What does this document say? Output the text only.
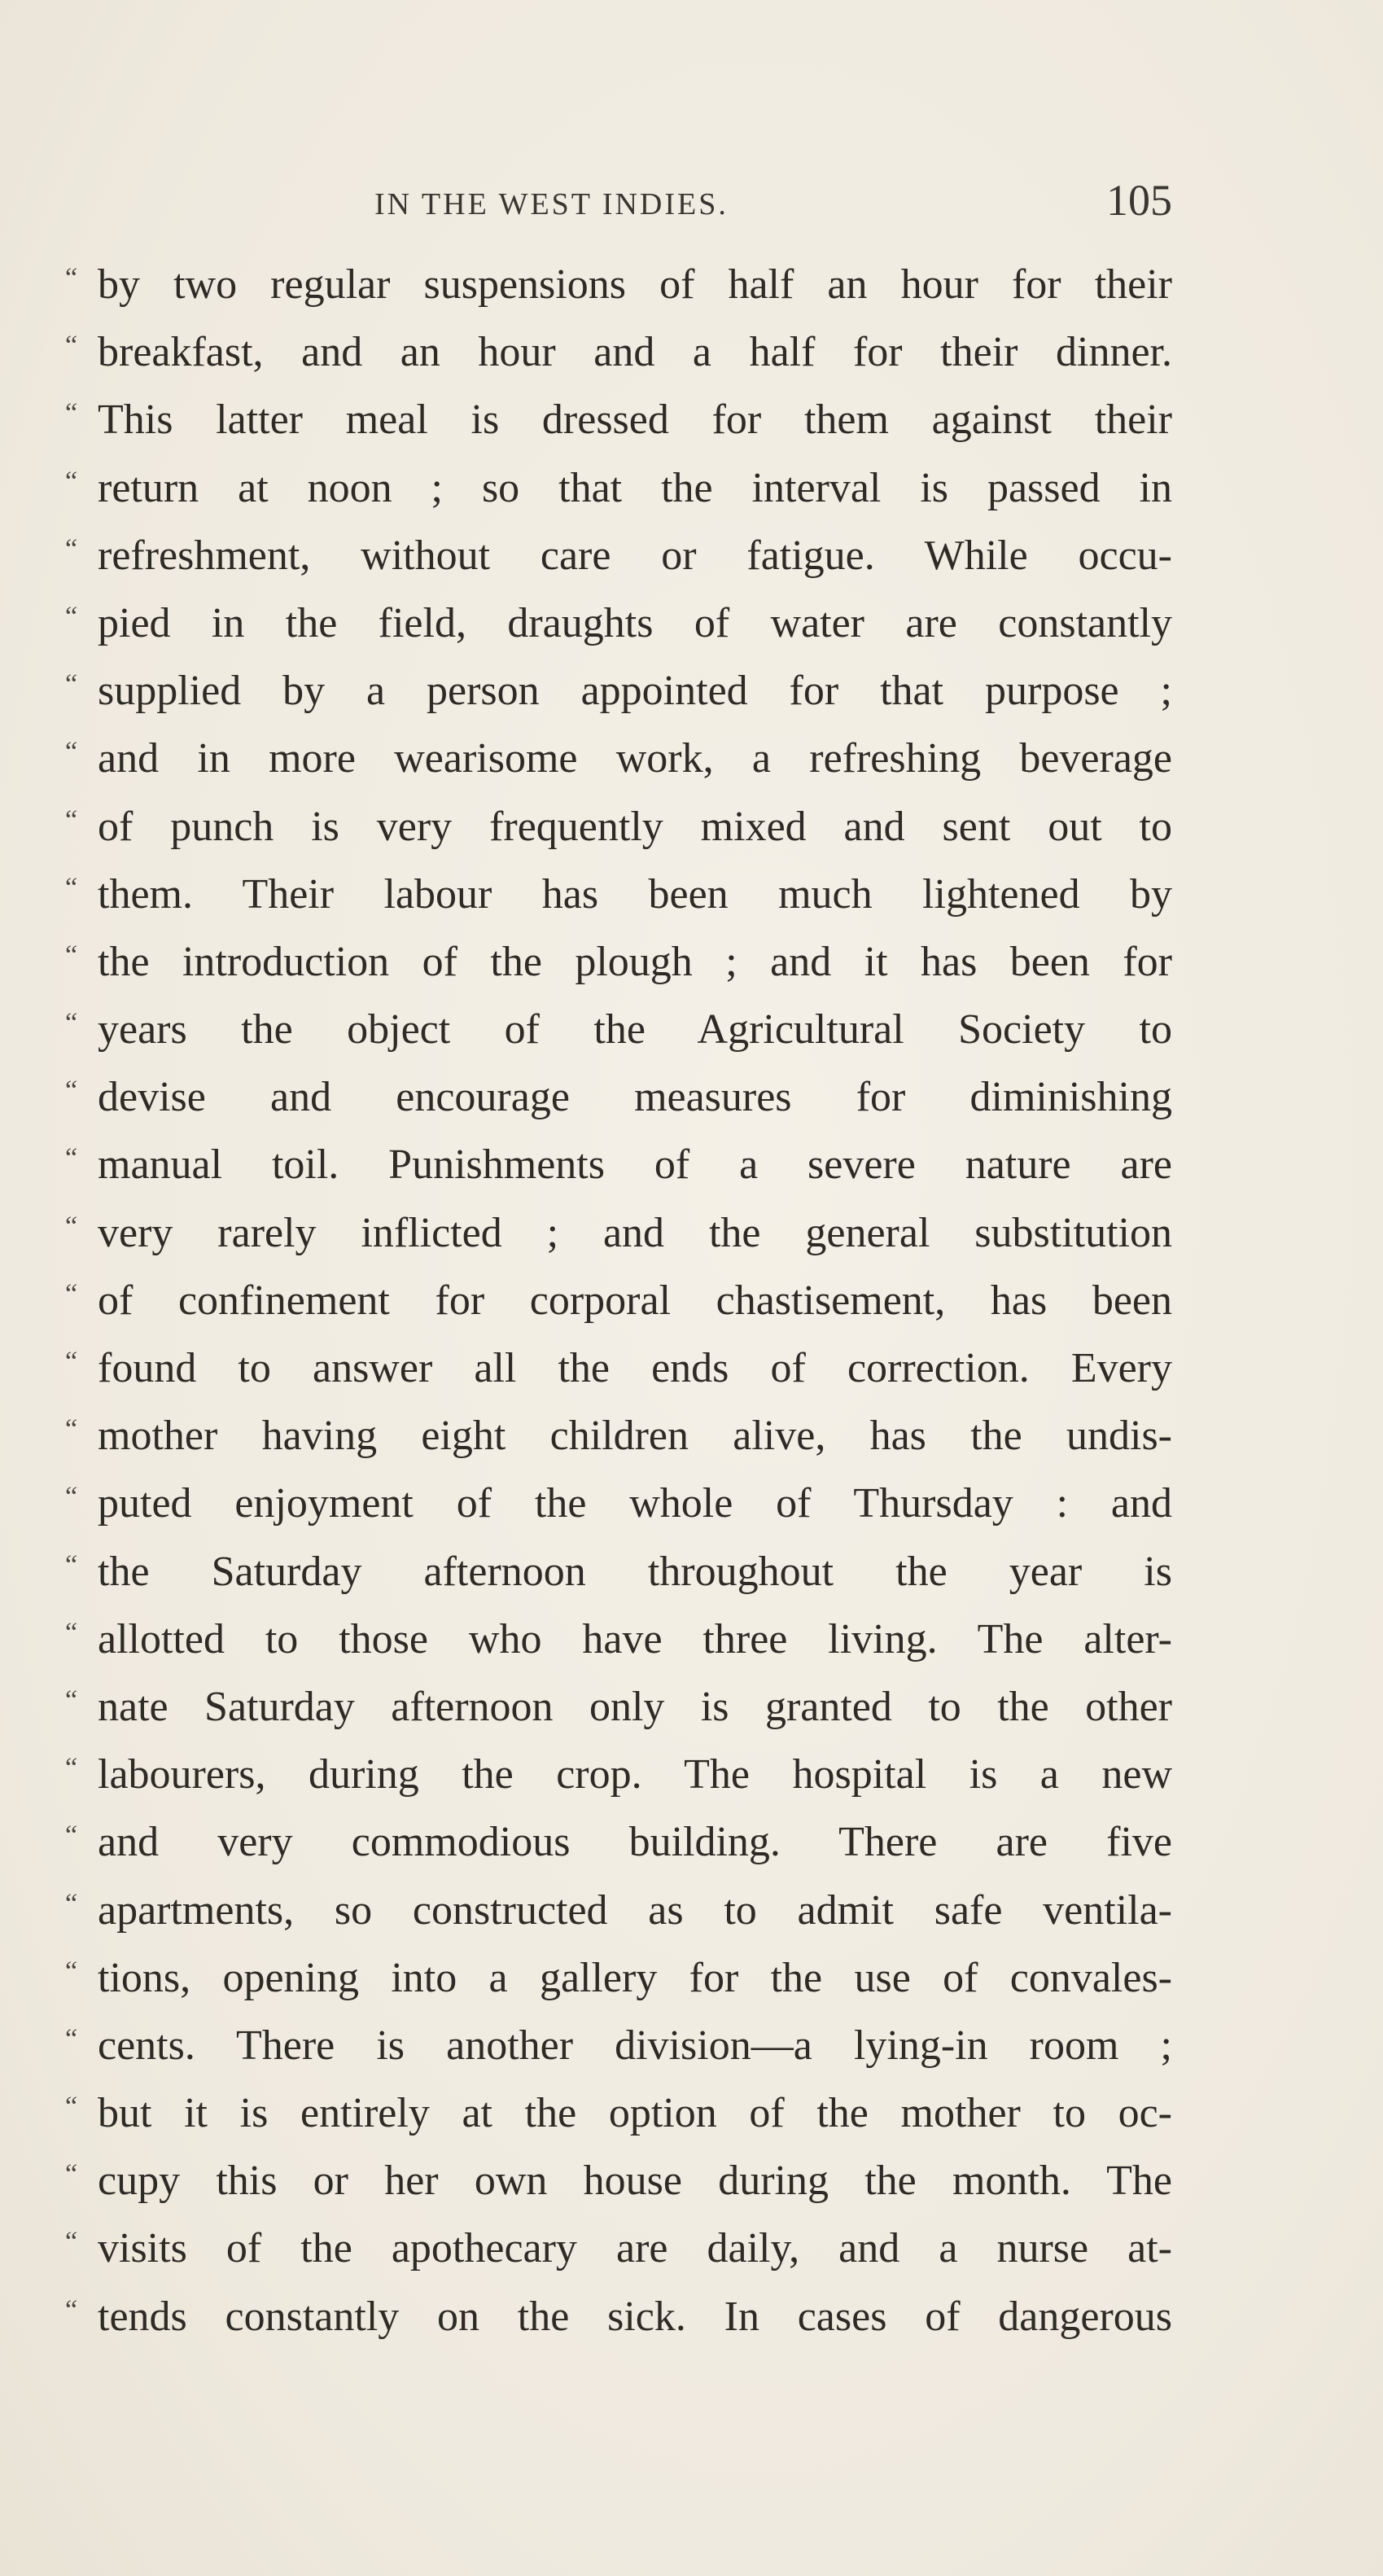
IN THE WEST INDIES.	105
“ by two regular suspensions of half an hour for their
“ breakfast, and an hour and a half for their dinner.
“ This latter meal is dressed for them against their
“ return at noon ; so that the interval is passed in
“ refreshment, without care or fatigue. While occu-
“ pied in the field, draughts of water are constantly
“ supplied by a person appointed for that purpose ;
“ and in more wearisome work, a refreshing beverage
“ of punch is very frequently mixed and sent out to
“ them. Their labour has been much lightened by
“ the introduction of the plough ; and it has been for
“ years the object of the Agricultural Society to
“ devise and encourage measures for diminishing
“ manual toil. Punishments of a severe nature are
“ very rarely inflicted ; and the general substitution
“ of confinement for corporal chastisement, has been
“ found to answer all the ends of correction. Every
“ mother having eight children alive, has the undis-
“ puted enjoyment of the whole of Thursday : and
“ the Saturday afternoon throughout the year is
“ allotted to those who have three living. The alter-
“ nate Saturday afternoon only is granted to the other
“ labourers, during the crop. The hospital is a new
“ and very commodious building. There are five
“ apartments, so constructed as to admit safe ventila-
“ tions, opening into a gallery for the use of convales-
“ cents. There is another division—a lying-in room ;
“ but it is entirely at the option of the mother to oc-
“ cupy this or her own house during the month. The
“ visits of the apothecary are daily, and a nurse at-
“ tends constantly on the sick. In cases of dangerous
